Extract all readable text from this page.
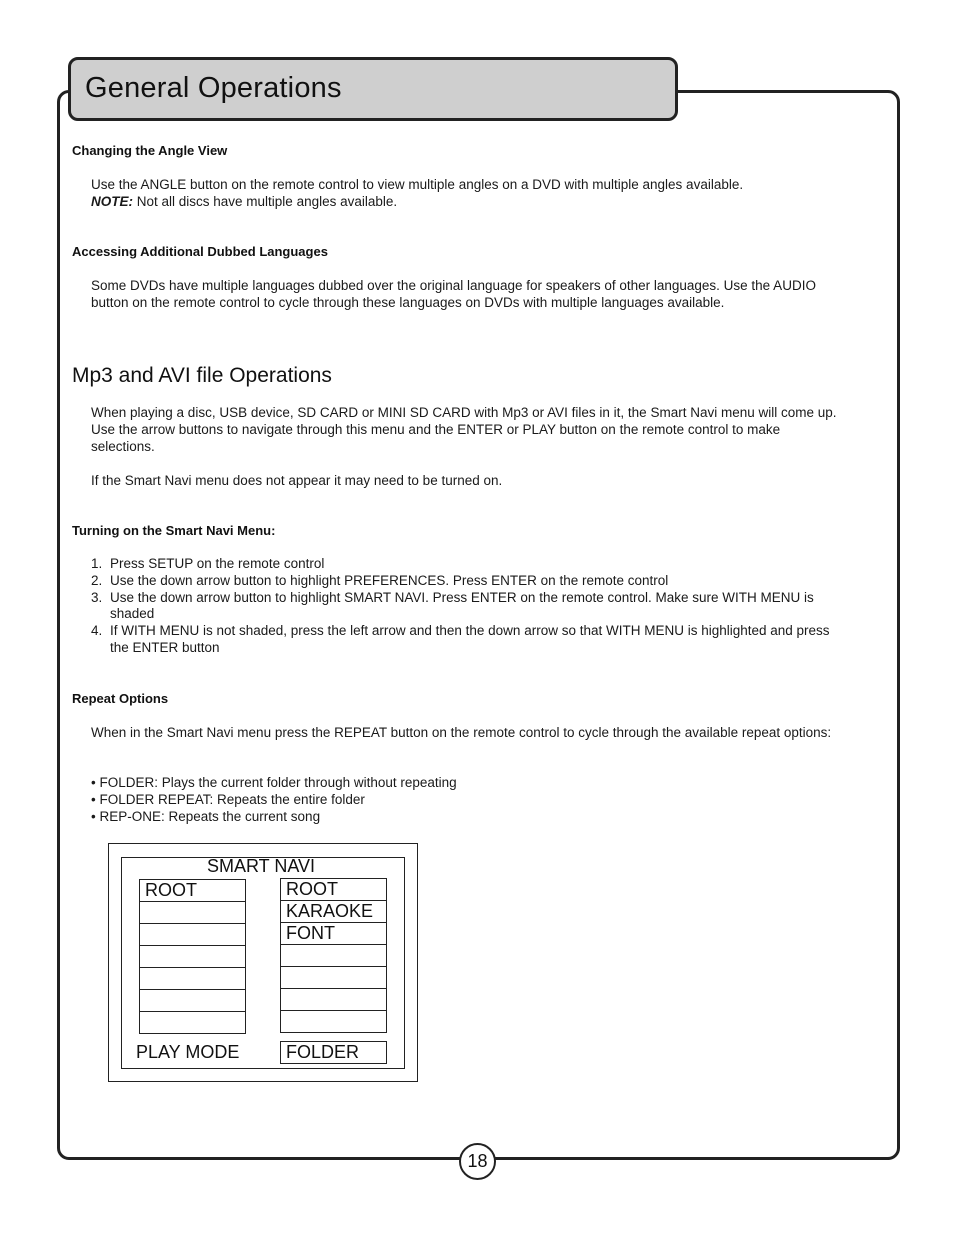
General Operations

Changing the Angle View

Use the ANGLE button on the remote control to view multiple angles on a DVD with multiple angles available.
NOTE: Not all discs have multiple angles available.

Accessing Additional Dubbed Languages

Some DVDs have multiple languages dubbed over the original language for speakers of other languages. Use the AUDIO button on the remote control to cycle through these languages on DVDs with multiple languages available.

Mp3 and AVI file Operations

When playing a disc, USB device, SD CARD or MINI SD CARD with Mp3 or AVI files in it, the Smart Navi menu will come up. Use the arrow buttons to navigate through this menu and the ENTER or PLAY button on the remote control to make selections.

If the Smart Navi menu does not appear it may need to be turned on.

Turning on the Smart Navi Menu:

1. Press SETUP on the remote control
2. Use the down arrow button to highlight PREFERENCES. Press ENTER on the remote control
3. Use the down arrow button to highlight SMART NAVI. Press ENTER on the remote control. Make sure WITH MENU is shaded
4. If WITH MENU is not shaded, press the left arrow and then the down arrow so that WITH MENU is highlighted and press the ENTER button

Repeat Options

When in the Smart Navi menu press the REPEAT button on the remote control to cycle through the available repeat options:

• FOLDER: Plays the current folder through without repeating
• FOLDER REPEAT: Repeats the entire folder
• REP-ONE: Repeats the current song
SMART NAVI
ROOT	ROOT
KARAOKE
FONT
PLAY MODE	FOLDER
18
